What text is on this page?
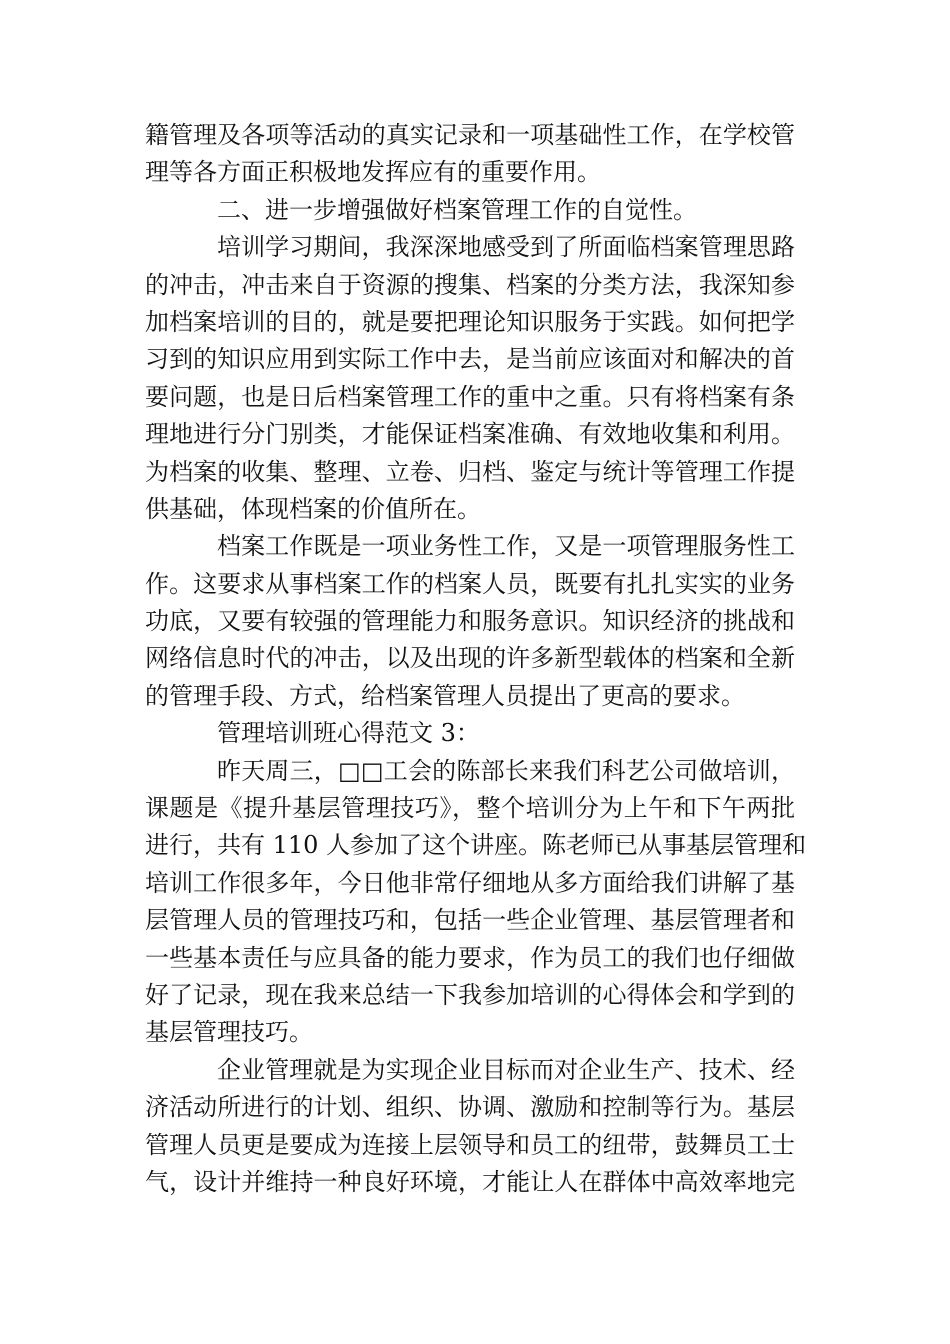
籍管理及各项等活动的真实记录和一项基础性工作，在学校管
理等各方面正积极地发挥应有的重要作用。
二、进一步增强做好档案管理工作的自觉性。
培训学习期间，我深深地感受到了所面临档案管理思路
的冲击，冲击来自于资源的搜集、档案的分类方法，我深知参
加档案培训的目的，就是要把理论知识服务于实践。如何把学
习到的知识应用到实际工作中去，是当前应该面对和解决的首
要问题，也是日后档案管理工作的重中之重。只有将档案有条
理地进行分门别类，才能保证档案准确、有效地收集和利用。
为档案的收集、整理、立卷、归档、鉴定与统计等管理工作提
供基础，体现档案的价值所在。
档案工作既是一项业务性工作，又是一项管理服务性工
作。这要求从事档案工作的档案人员，既要有扎扎实实的业务
功底，又要有较强的管理能力和服务意识。知识经济的挑战和
网络信息时代的冲击，以及出现的许多新型载体的档案和全新
的管理手段、方式，给档案管理人员提出了更高的要求。
管理培训班心得范文 3：
昨天周三，□□工会的陈部长来我们科艺公司做培训，
课题是《提升基层管理技巧》，整个培训分为上午和下午两批
进行，共有 110 人参加了这个讲座。陈老师已从事基层管理和
培训工作很多年，今日他非常仔细地从多方面给我们讲解了基
层管理人员的管理技巧和，包括一些企业管理、基层管理者和
一些基本责任与应具备的能力要求，作为员工的我们也仔细做
好了记录，现在我来总结一下我参加培训的心得体会和学到的
基层管理技巧。
企业管理就是为实现企业目标而对企业生产、技术、经
济活动所进行的计划、组织、协调、激励和控制等行为。基层
管理人员更是要成为连接上层领导和员工的纽带，鼓舞员工士
气，设计并维持一种良好环境，才能让人在群体中高效率地完
